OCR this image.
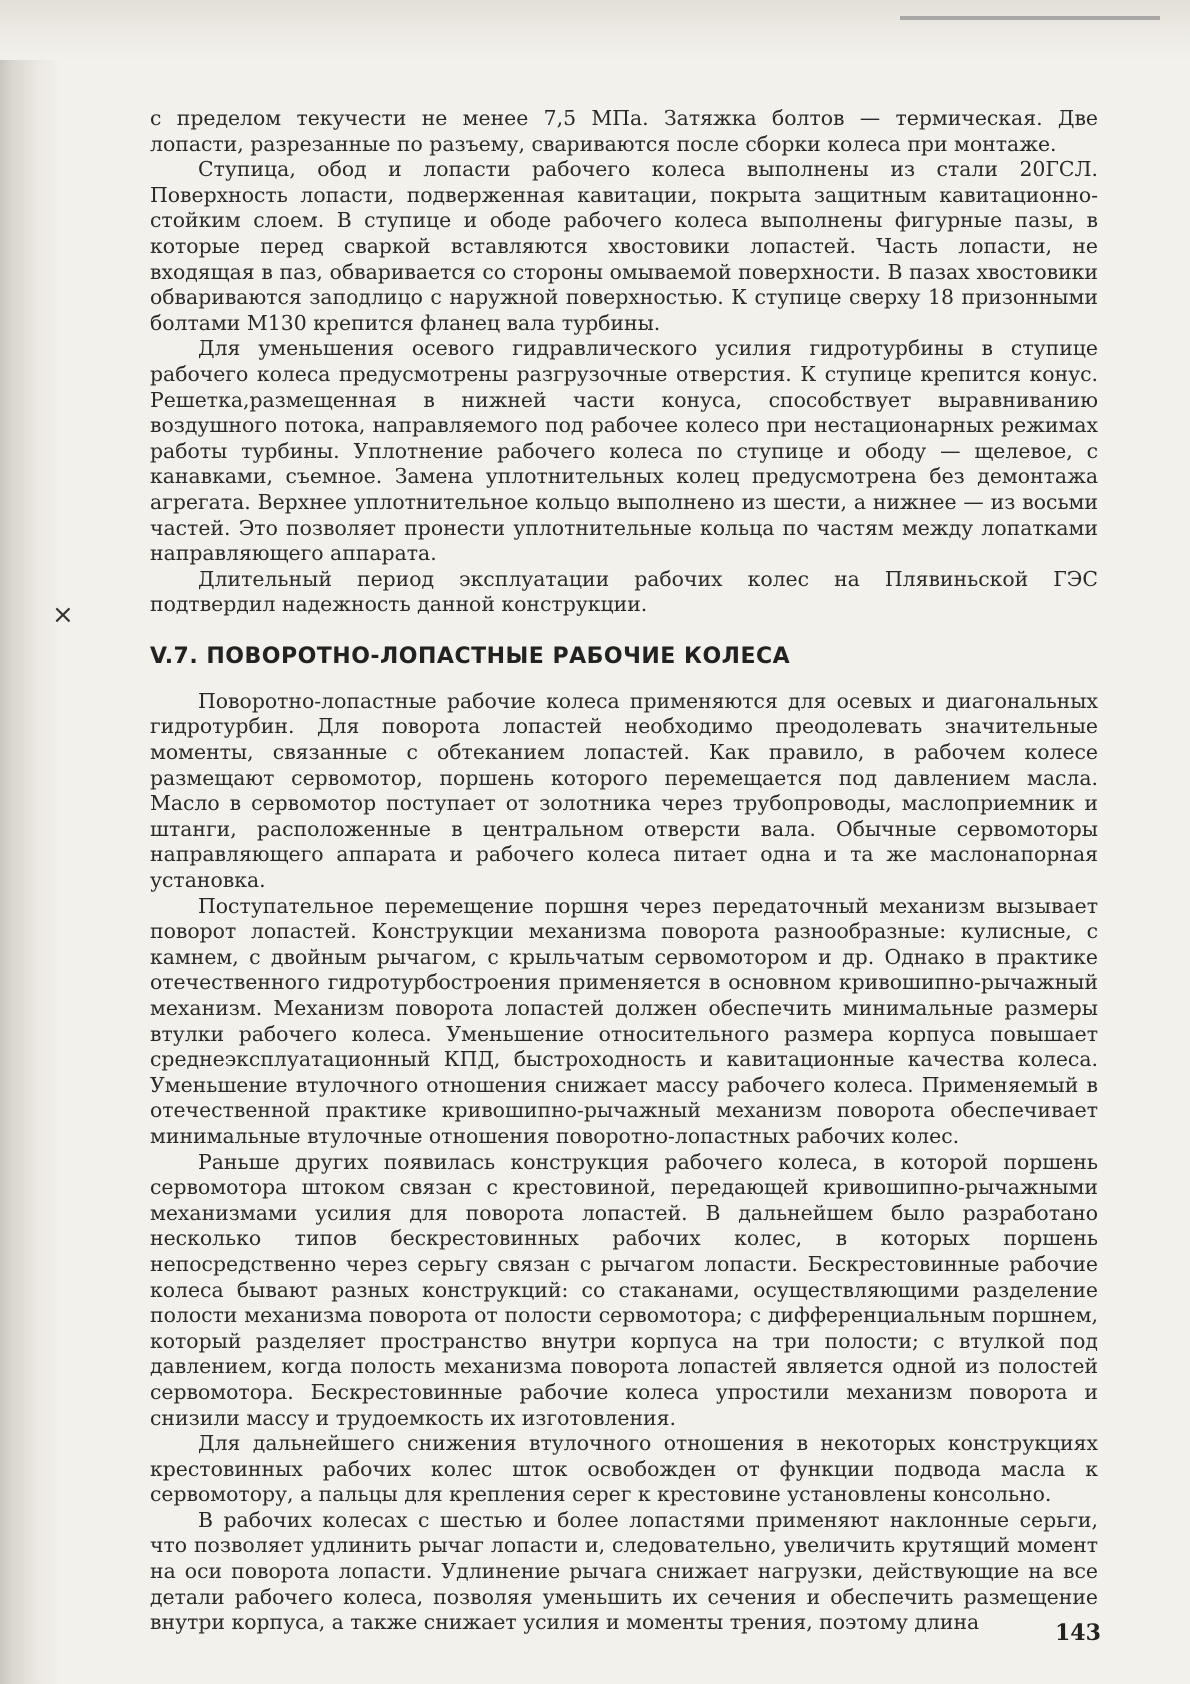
×

с пределом текучести не менее 7,5 МПа. Затяжка болтов — термическая. Две лопасти, разрезанные по разъему, свариваются после сборки колеса при монтаже.

Ступица, обод и лопасти рабочего колеса выполнены из стали 20ГСЛ. Поверхность лопасти, подверженная кавитации, покрыта защитным кавитационно-стойким слоем. В ступице и ободе рабочего колеса выполнены фигурные пазы, в которые перед сваркой вставляются хвостовики лопастей. Часть лопасти, не входящая в паз, обваривается со стороны омываемой поверхности. В пазах хвостовики обвариваются заподлицо с наружной поверхностью. К ступице сверху 18 призонными болтами М130 крепится фланец вала турбины.

Для уменьшения осевого гидравлического усилия гидротурбины в ступице рабочего колеса предусмотрены разгрузочные отверстия. К ступице крепится конус. Решетка,размещенная в нижней части конуса, способствует выравниванию воздушного потока, направляемого под рабочее колесо при нестационарных режимах работы турбины. Уплотнение рабочего колеса по ступице и ободу — щелевое, с канавками, съемное. Замена уплотнительных колец предусмотрена без демонтажа агрегата. Верхнее уплотнительное кольцо выполнено из шести, а нижнее — из восьми частей. Это позволяет пронести уплотнительные кольца по частям между лопатками направляющего аппарата.

Длительный период эксплуатации рабочих колес на Плявиньской ГЭС подтвердил надежность данной конструкции.

V.7. ПОВОРОТНО-ЛОПАСТНЫЕ РАБОЧИЕ КОЛЕСА

Поворотно-лопастные рабочие колеса применяются для осевых и диагональных гидротурбин. Для поворота лопастей необходимо преодолевать значительные моменты, связанные с обтеканием лопастей. Как правило, в рабочем колесе размещают сервомотор, поршень которого перемещается под давлением масла. Масло в сервомотор поступает от золотника через трубопроводы, маслоприемник и штанги, расположенные в центральном отверсти вала. Обычные сервомоторы направляющего аппарата и рабочего колеса питает одна и та же маслонапорная установка.

Поступательное перемещение поршня через передаточный механизм вызывает поворот лопастей. Конструкции механизма поворота разнообразные: кулисные, с камнем, с двойным рычагом, с крыльчатым сервомотором и др. Однако в практике отечественного гидротурбостроения применяется в основном кривошипно-рычажный механизм. Механизм поворота лопастей должен обеспечить минимальные размеры втулки рабочего колеса. Уменьшение относительного размера корпуса повышает среднеэксплуатационный КПД, быстроходность и кавитационные качества колеса. Уменьшение втулочного отношения снижает массу рабочего колеса. Применяемый в отечественной практике кривошипно-рычажный механизм поворота обеспечивает минимальные втулочные отношения поворотно-лопастных рабочих колес.

Раньше других появилась конструкция рабочего колеса, в которой поршень сервомотора штоком связан с крестовиной, передающей кривошипно-рычажными механизмами усилия для поворота лопастей. В дальнейшем было разработано несколько типов бескрестовинных рабочих колес, в которых поршень непосредственно через серьгу связан с рычагом лопасти. Бескрестовинные рабочие колеса бывают разных конструкций: со стаканами, осуществляющими разделение полости механизма поворота от полости сервомотора; с дифференциальным поршнем, который разделяет пространство внутри корпуса на три полости; с втулкой под давлением, когда полость механизма поворота лопастей является одной из полостей сервомотора. Бескрестовинные рабочие колеса упростили механизм поворота и снизили массу и трудоемкость их изготовления.

Для дальнейшего снижения втулочного отношения в некоторых конструкциях крестовинных рабочих колес шток освобожден от функции подвода масла к сервомотору, а пальцы для крепления серег к крестовине установлены консольно.

В рабочих колесах с шестью и более лопастями применяют наклонные серьги, что позволяет удлинить рычаг лопасти и, следовательно, увеличить крутящий момент на оси поворота лопасти. Удлинение рычага снижает нагрузки, действующие на все детали рабочего колеса, позволяя уменьшить их сечения и обеспечить размещение внутри корпуса, а также снижает усилия и моменты трения, поэтому длина	143
